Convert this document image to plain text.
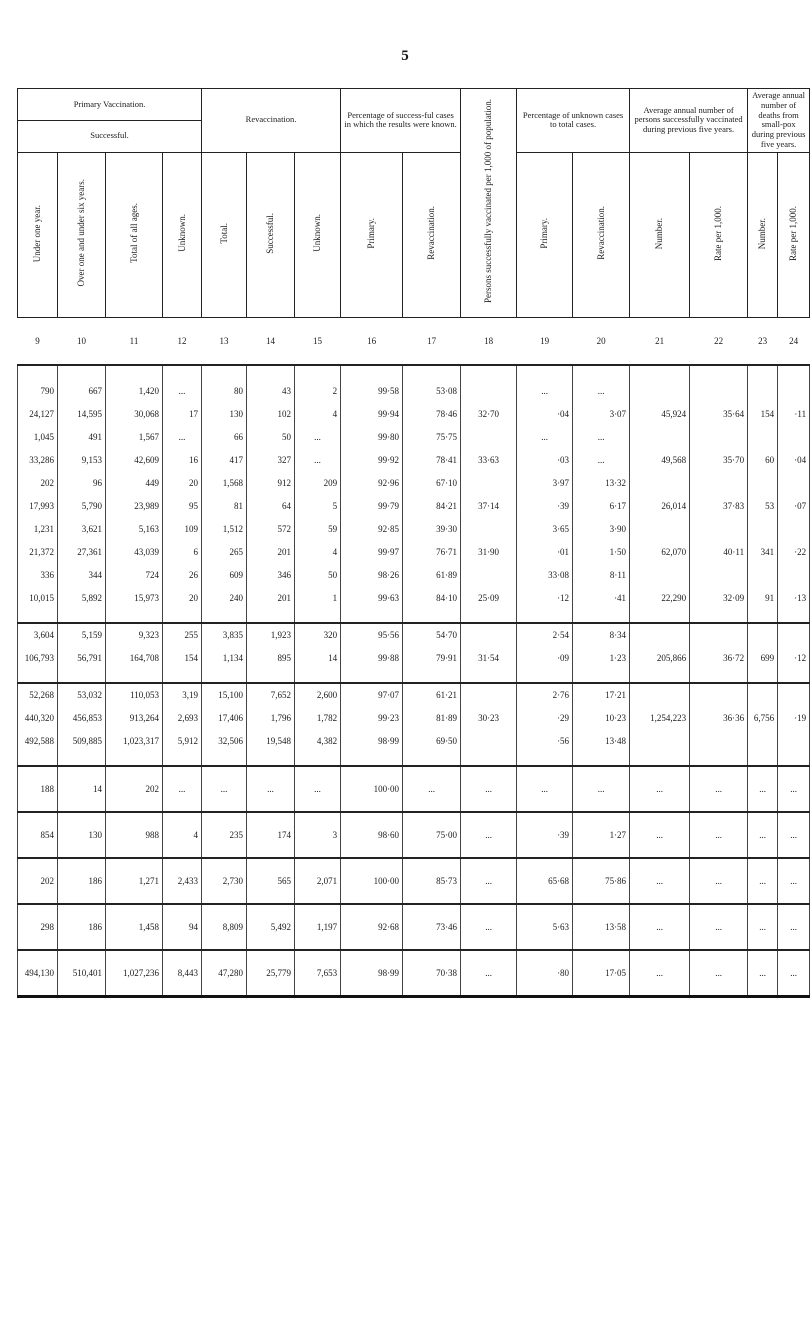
5
Primary Vaccination.				Revaccination.			Percentage of success-ful cases in which the results were known.		Persons successfully vaccinated per 1,000 of population.	Percentage of unknown cases to total cases.		Average annual number of persons successfully vaccinated during previous five years.		Average annual number of deaths from small-pox during previous five years.	
Successful.															
Under one year.	Over one and under six years.	Total of all ages.	Unknown.	Total.	Successful.	Unknown.	Primary.	Revaccination.		Primary.	Revaccination.	Number.	Rate per 1,000.	Number.	Rate per 1,000.
9	10	11	12	13	14	15	16	17	18	19	20	21	22	23	24

790	667	1,420	...	80	43	2	99·58	53·08		...	...				
24,127	14,595	30,068	17	130	102	4	99·94	78·46	32·70	·04	3·07	45,924	35·64	154	·11
1,045	491	1,567	...	66	50	...	99·80	75·75		...	...				
33,286	9,153	42,609	16	417	327	...	99·92	78·41	33·63	·03	...	49,568	35·70	60	·04
202	96	449	20	1,568	912	209	92·96	67·10		3·97	13·32				
17,993	5,790	23,989	95	81	64	5	99·79	84·21	37·14	·39	6·17	26,014	37·83	53	·07
1,231	3,621	5,163	109	1,512	572	59	92·85	39·30		3·65	3·90				
21,372	27,361	43,039	6	265	201	4	99·97	76·71	31·90	·01	1·50	62,070	40·11	341	·22
336	344	724	26	609	346	50	98·26	61·89		33·08	8·11				
10,015	5,892	15,973	20	240	201	1	99·63	84·10	25·09	·12	·41	22,290	32·09	91	·13

3,604	5,159	9,323	255	3,835	1,923	320	95·56	54·70		2·54	8·34				
106,793	56,791	164,708	154	1,134	895	14	99·88	79·91	31·54	·09	1·23	205,866	36·72	699	·12

52,268	53,032	110,053	3,19	15,100	7,652	2,600	97·07	61·21		2·76	17·21				
440,320	456,853	913,264	2,693	17,406	1,796	1,782	99·23	81·89	30·23	·29	10·23	1,254,223	36·36	6,756	·19
492,588	509,885	1,023,317	5,912	32,506	19,548	4,382	98·99	69·50		·56	13·48				

188	14	202	...	...	...	...	100·00	...	...	...	...	...	...	...	...
854	130	988	4	235	174	3	98·60	75·00	...	·39	1·27	...	...	...	...
202	186	1,271	2,433	2,730	565	2,071	100·00	85·73	...	65·68	75·86	...	...	...	...
298	186	1,458	94	8,809	5,492	1,197	92·68	73·46	...	5·63	13·58	...	...	...	...
494,130	510,401	1,027,236	8,443	47,280	25,779	7,653	98·99	70·38	...	·80	17·05	...	...	...	...
